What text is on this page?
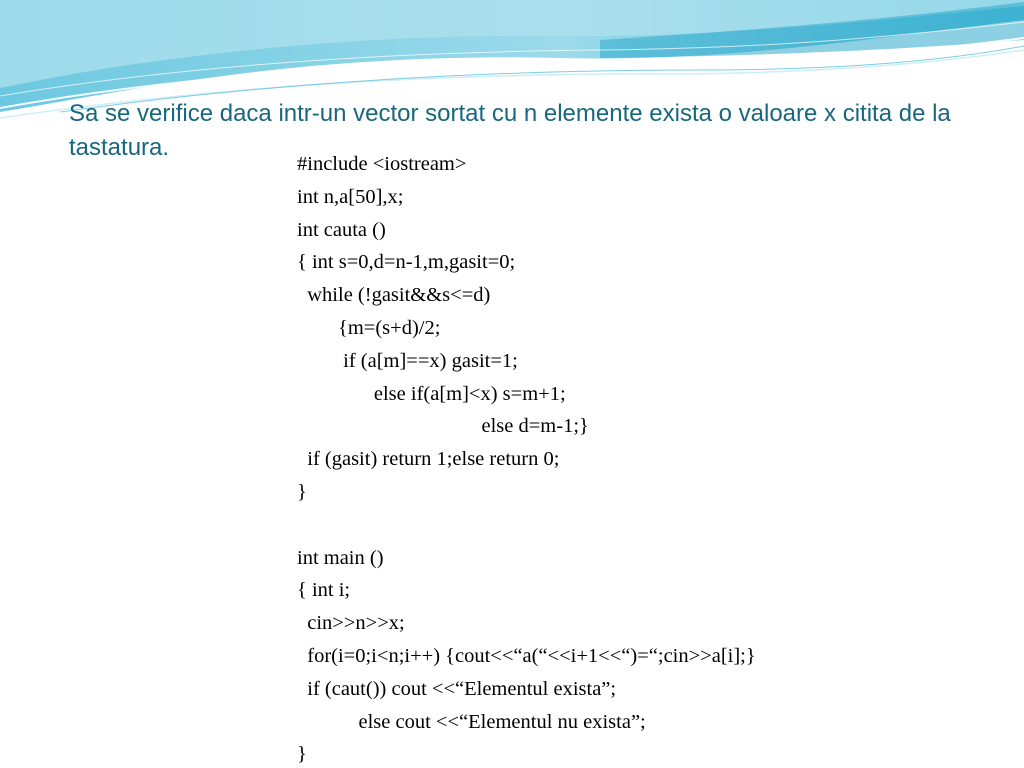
Sa se verifice daca intr-un vector sortat cu n elemente exista o valoare x citita de la tastatura.
#include <iostream>
int n,a[50],x;
int cauta ()
{ int s=0,d=n-1,m,gasit=0;
while (!gasit&&s<=d)
{m=(s+d)/2;
if (a[m]==x) gasit=1;
else if(a[m]<x) s=m+1;
else d=m-1;}
if (gasit) return 1;else return 0;
}
int main ()
{ int i;
cin>>n>>x;
for(i=0;i<n;i++) {cout<<“a(“<<i+1<<“)=“;cin>>a[i];}
if (caut()) cout <<“Elementul exista”;
else cout <<“Elementul nu exista”;
}
